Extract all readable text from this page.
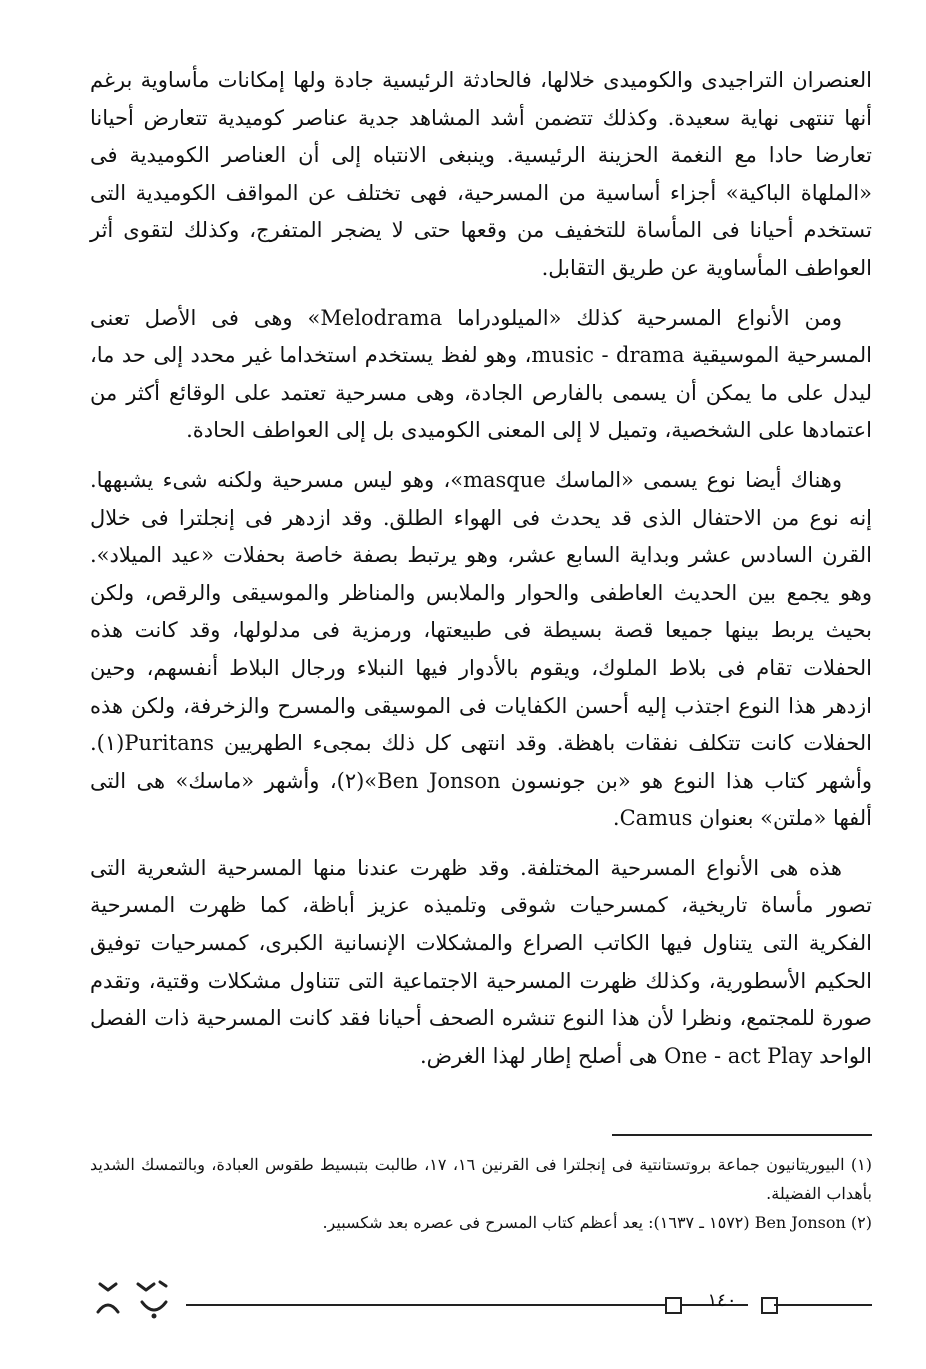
العنصران التراجيدى والكوميدى خلالها، فالحادثة الرئيسية جادة ولها إمكانات مأساوية برغم أنها تنتهى نهاية سعيدة. وكذلك تتضمن أشد المشاهد جدية عناصر كوميدية تتعارض أحيانا تعارضا حادا مع النغمة الحزينة الرئيسية. وينبغى الانتباه إلى أن العناصر الكوميدية فى «الملهاة الباكية» أجزاء أساسية من المسرحية، فهى تختلف عن المواقف الكوميدية التى تستخدم أحيانا فى المأساة للتخفيف من وقعها حتى لا يضجر المتفرج، وكذلك لتقوى أثر العواطف المأساوية عن طريق التقابل.

ومن الأنواع المسرحية كذلك «الميلودراما Melodrama» وهى فى الأصل تعنى المسرحية الموسيقية music - drama، وهو لفظ يستخدم استخداما غير محدد إلى حد ما، ليدل على ما يمكن أن يسمى بالفارص الجادة، وهى مسرحية تعتمد على الوقائع أكثر من اعتمادها على الشخصية، وتميل لا إلى المعنى الكوميدى بل إلى العواطف الحادة.

وهناك أيضا نوع يسمى «الماسك masque»، وهو ليس مسرحية ولكنه شىء يشبهها. إنه نوع من الاحتفال الذى قد يحدث فى الهواء الطلق. وقد ازدهر فى إنجلترا فى خلال القرن السادس عشر وبداية السابع عشر، وهو يرتبط بصفة خاصة بحفلات «عيد الميلاد». وهو يجمع بين الحديث العاطفى والحوار والملابس والمناظر والموسيقى والرقص، ولكن بحيث يربط بينها جميعا قصة بسيطة فى طبيعتها، ورمزية فى مدلولها، وقد كانت هذه الحفلات تقام فى بلاط الملوك، ويقوم بالأدوار فيها النبلاء ورجال البلاط أنفسهم، وحين ازدهر هذا النوع اجتذب إليه أحسن الكفايات فى الموسيقى والمسرح والزخرفة، ولكن هذه الحفلات كانت تتكلف نفقات باهظة. وقد انتهى كل ذلك بمجىء الطهريين Puritans(١). وأشهر كتاب هذا النوع هو «بن جونسون Ben Jonson»(٢)، وأشهر «ماسك» هى التى ألفها «ملتن» بعنوان Camus.

هذه هى الأنواع المسرحية المختلفة. وقد ظهرت عندنا منها المسرحية الشعرية التى تصور مأساة تاريخية، كمسرحيات شوقى وتلميذه عزيز أباظة، كما ظهرت المسرحية الفكرية التى يتناول فيها الكاتب الصراع والمشكلات الإنسانية الكبرى، كمسرحيات توفيق الحكيم الأسطورية، وكذلك ظهرت المسرحية الاجتماعية التى تتناول مشكلات وقتية، وتقدم صورة للمجتمع، ونظرا لأن هذا النوع تنشره الصحف أحيانا فقد كانت المسرحية ذات الفصل الواحد One - act Play هى أصلح إطار لهذا الغرض.

(١) البيوريتانيون جماعة بروتستانتية فى إنجلترا فى القرنين ١٦، ١٧، طالبت بتبسيط طقوس العبادة، وبالتمسك الشديد بأهداب الفضيلة.

(٢) Ben Jonson (١٥٧٢ ـ ١٦٣٧): يعد أعظم كتاب المسرح فى عصره بعد شكسبير.

١٤٠
